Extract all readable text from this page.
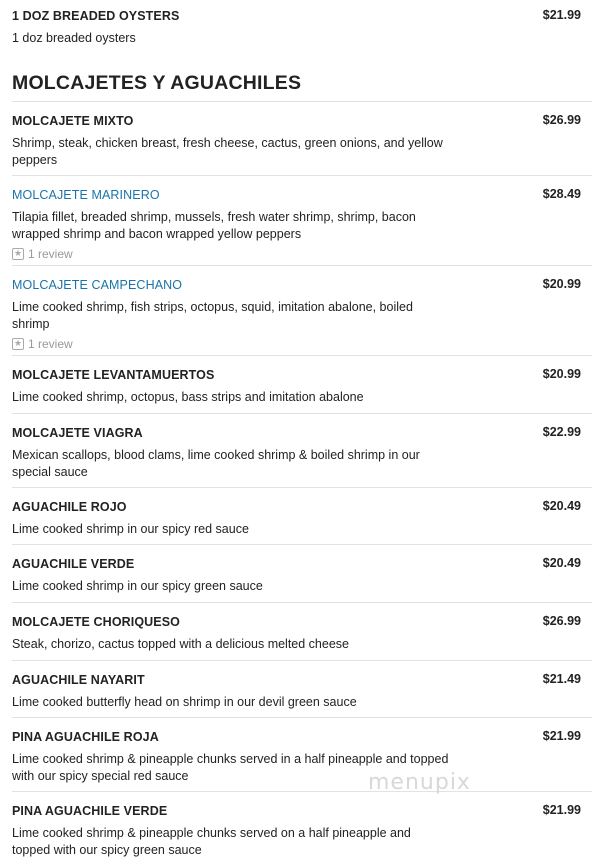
1 DOZ BREADED OYSTERS	$21.99
1 doz breaded oysters
MOLCAJETES Y AGUACHILES
MOLCAJETE MIXTO	$26.99
Shrimp, steak, chicken breast, fresh cheese, cactus, green onions, and yellow peppers
MOLCAJETE MARINERO	$28.49
Tilapia fillet, breaded shrimp, mussels, fresh water shrimp, shrimp, bacon wrapped shrimp and bacon wrapped yellow peppers
★
1 review
MOLCAJETE CAMPECHANO	$20.99
Lime cooked shrimp, fish strips, octopus, squid, imitation abalone, boiled shrimp
★
1 review
MOLCAJETE LEVANTAMUERTOS	$20.99
Lime cooked shrimp, octopus, bass strips and imitation abalone
MOLCAJETE VIAGRA	$22.99
Mexican scallops, blood clams, lime cooked shrimp & boiled shrimp in our special sauce
AGUACHILE ROJO	$20.49
Lime cooked shrimp in our spicy red sauce
AGUACHILE VERDE	$20.49
Lime cooked shrimp in our spicy green sauce
MOLCAJETE CHORIQUESO	$26.99
Steak, chorizo, cactus topped with a delicious melted cheese
AGUACHILE NAYARIT	$21.49
Lime cooked butterfly head on shrimp in our devil green sauce
PINA AGUACHILE ROJA	$21.99
Lime cooked shrimp & pineapple chunks served in a half pineapple and topped with our spicy special red sauce
PINA AGUACHILE VERDE	$21.99
Lime cooked shrimp & pineapple chunks served on a half pineapple and topped with our spicy green sauce
menupix
